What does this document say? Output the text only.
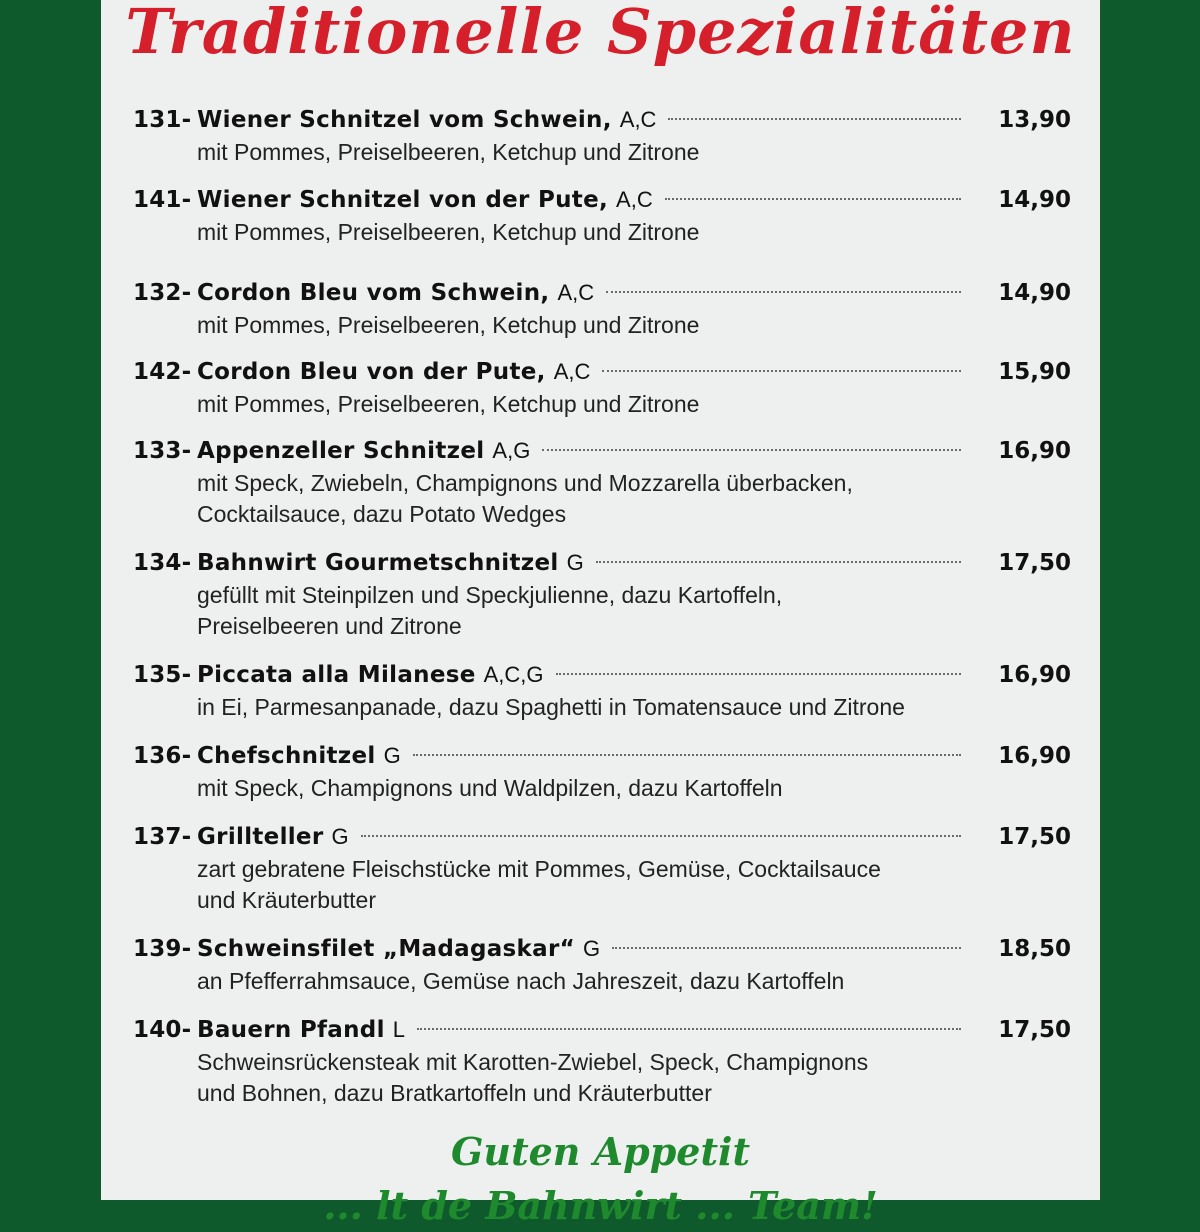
Traditionelle Spezialitäten
131- Wiener Schnitzel vom Schwein, A,C	13,90
mit Pommes, Preiselbeeren, Ketchup und Zitrone
141- Wiener Schnitzel von der Pute, A,C	14,90
mit Pommes, Preiselbeeren, Ketchup und Zitrone
132- Cordon Bleu vom Schwein, A,C	14,90
mit Pommes, Preiselbeeren, Ketchup und Zitrone
142- Cordon Bleu von der Pute, A,C	15,90
mit Pommes, Preiselbeeren, Ketchup und Zitrone
133- Appenzeller Schnitzel A,G	16,90
mit Speck, Zwiebeln, Champignons und Mozzarella überbacken,
Cocktailsauce, dazu Potato Wedges
134- Bahnwirt Gourmetschnitzel G	17,50
gefüllt mit Steinpilzen und Speckjulienne, dazu Kartoffeln,
Preiselbeeren und Zitrone
135- Piccata alla Milanese A,C,G	16,90
in Ei, Parmesanpanade, dazu Spaghetti in Tomatensauce und Zitrone
136- Chefschnitzel G	16,90
mit Speck, Champignons und Waldpilzen, dazu Kartoffeln
137- Grillteller G	17,50
zart gebratene Fleischstücke mit Pommes, Gemüse, Cocktailsauce
und Kräuterbutter
139- Schweinsfilet „Madagaskar“ G	18,50
an Pfefferrahmsauce, Gemüse nach Jahreszeit, dazu Kartoffeln
140- Bauern Pfandl L	17,50
Schweinsrückensteak mit Karotten-Zwiebel, Speck, Champignons
und Bohnen, dazu Bratkartoffeln und Kräuterbutter
Guten Appetit
... lt de Bahnwirt ... Team!
